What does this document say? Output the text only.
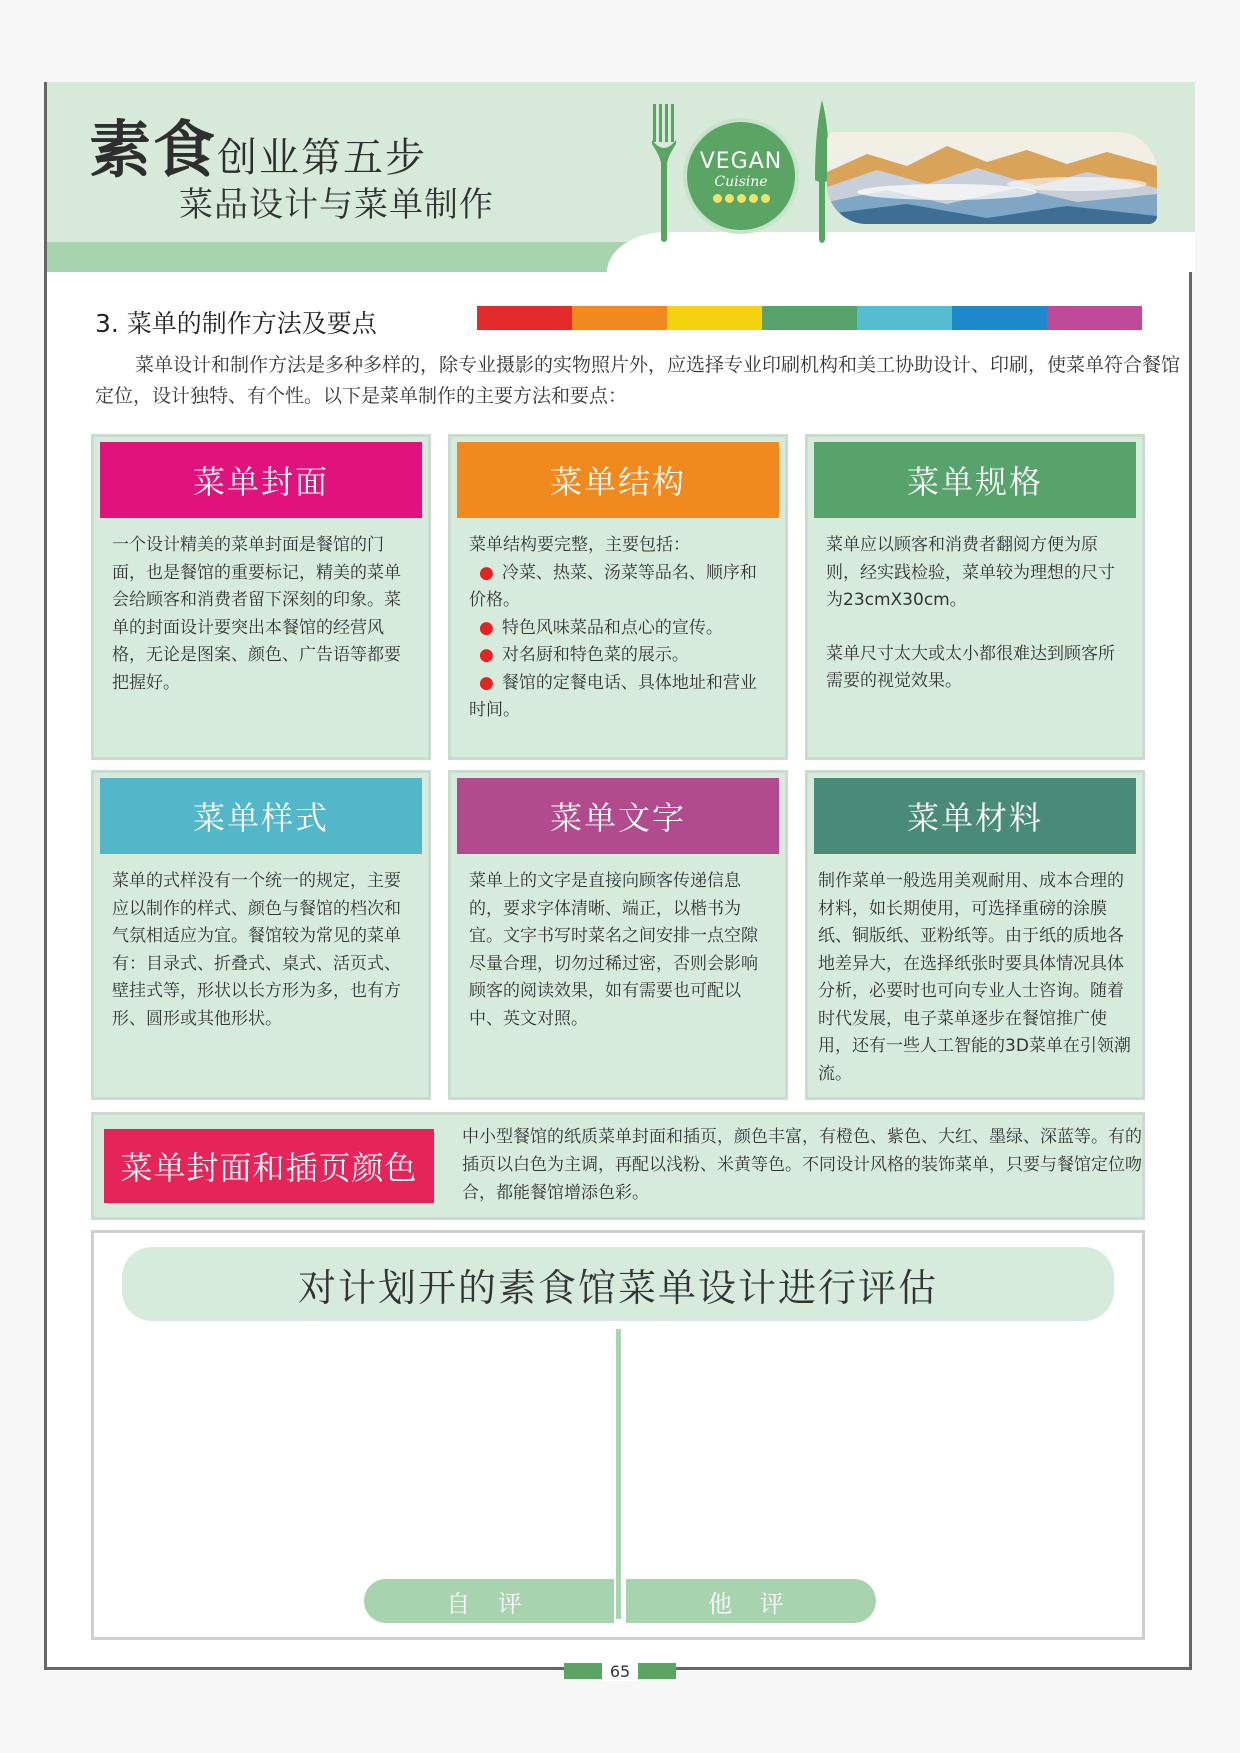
素食创业第五步
菜品设计与菜单制作
VEGAN
Cuisine
3. 菜单的制作方法及要点
菜单设计和制作方法是多种多样的，除专业摄影的实物照片外，应选择专业印刷机构和美工协助设计、印刷，使菜单符合餐馆定位，设计独特、有个性。以下是菜单制作的主要方法和要点：
菜单封面

一个设计精美的菜单封面是餐馆的门面，也是餐馆的重要标记，精美的菜单会给顾客和消费者留下深刻的印象。菜单的封面设计要突出本餐馆的经营风格，无论是图案、颜色、广告语等都要把握好。

菜单结构

菜单结构要完整，主要包括：

● 冷菜、热菜、汤菜等品名、顺序和价格。

● 特色风味菜品和点心的宣传。

● 对名厨和特色菜的展示。

● 餐馆的定餐电话、具体地址和营业时间。

菜单规格

菜单应以顾客和消费者翻阅方便为原则，经实践检验，菜单较为理想的尺寸为23cmX30cm。

菜单尺寸太大或太小都很难达到顾客所需要的视觉效果。

菜单样式

菜单的式样没有一个统一的规定，主要应以制作的样式、颜色与餐馆的档次和气氛相适应为宜。餐馆较为常见的菜单有：目录式、折叠式、桌式、活页式、壁挂式等，形状以长方形为多，也有方形、圆形或其他形状。

菜单文字

菜单上的文字是直接向顾客传递信息的，要求字体清晰、端正，以楷书为宜。文字书写时菜名之间安排一点空隙尽量合理，切勿过稀过密，否则会影响顾客的阅读效果，如有需要也可配以中、英文对照。

菜单材料

制作菜单一般选用美观耐用、成本合理的材料，如长期使用，可选择重磅的涂膜纸、铜版纸、亚粉纸等。由于纸的质地各地差异大，在选择纸张时要具体情况具体分析，必要时也可向专业人士咨询。随着时代发展，电子菜单逐步在餐馆推广使用，还有一些人工智能的3D菜单在引领潮流。

菜单封面和插页颜色
中小型餐馆的纸质菜单封面和插页，颜色丰富，有橙色、紫色、大红、墨绿、深蓝等。有的插页以白色为主调，再配以浅粉、米黄等色。不同设计风格的装饰菜单，只要与餐馆定位吻合，都能餐馆增添色彩。
对计划开的素食馆菜单设计进行评估
自 评	他 评
65
